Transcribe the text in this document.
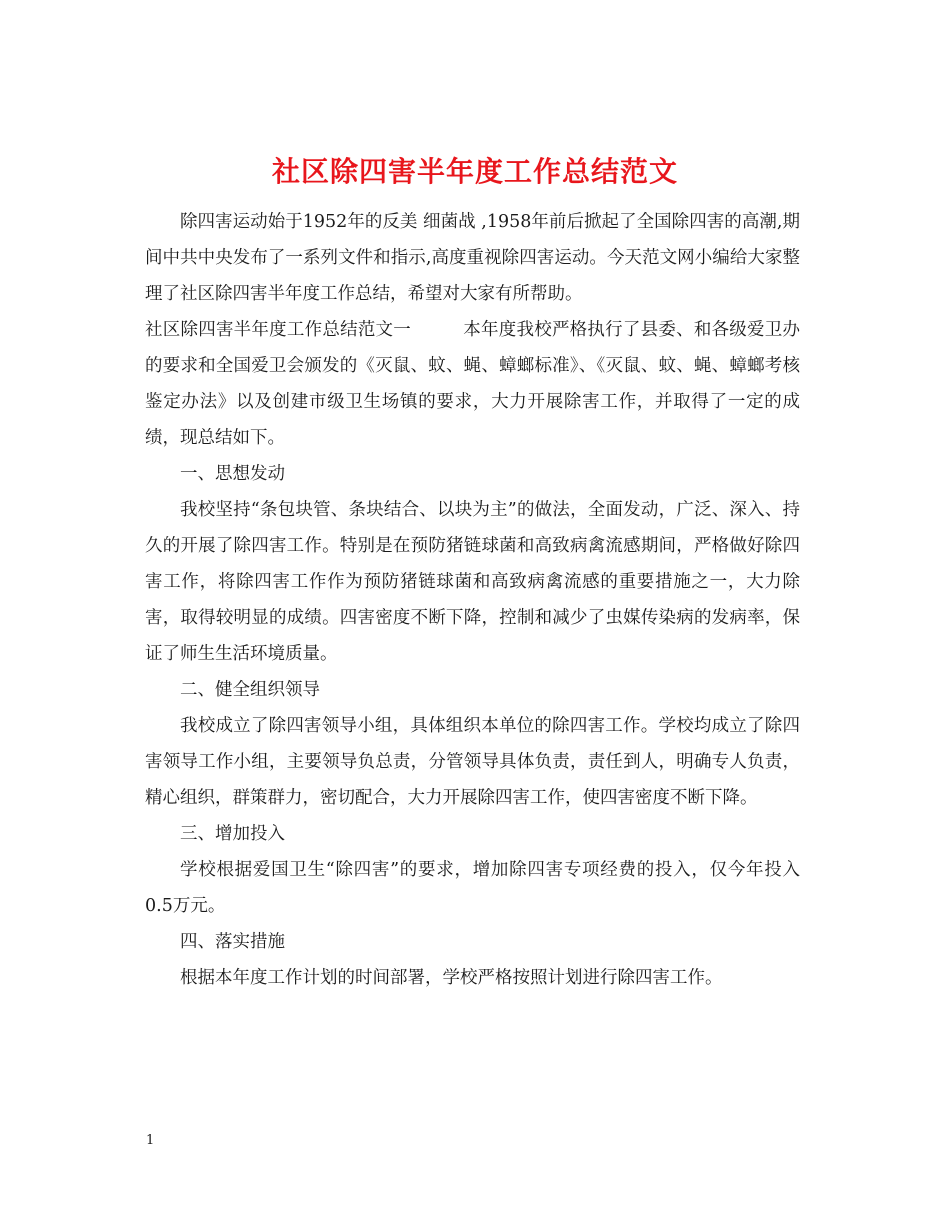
社区除四害半年度工作总结范文

除四害运动始于1952年的反美 细菌战 ,1958年前后掀起了全国除四害的高潮,期间中共中央发布了一系列文件和指示,高度重视除四害运动。今天范文网小编给大家整理了社区除四害半年度工作总结，希望对大家有所帮助。

社区除四害半年度工作总结范文一	本年度我校严格执行了县委、和各级爱卫办的要求和全国爱卫会颁发的《灭鼠、蚊、蝇、蟑螂标准》、《灭鼠、蚊、蝇、蟑螂考核鉴定办法》以及创建市级卫生场镇的要求，大力开展除害工作，并取得了一定的成绩，现总结如下。

一、思想发动

我校坚持“条包块管、条块结合、以块为主”的做法，全面发动，广泛、深入、持久的开展了除四害工作。特别是在预防猪链球菌和高致病禽流感期间，严格做好除四害工作，将除四害工作作为预防猪链球菌和高致病禽流感的重要措施之一，大力除害，取得较明显的成绩。四害密度不断下降，控制和减少了虫媒传染病的发病率，保证了师生生活环境质量。

二、健全组织领导

我校成立了除四害领导小组，具体组织本单位的除四害工作。学校均成立了除四害领导工作小组，主要领导负总责，分管领导具体负责，责任到人，明确专人负责，精心组织，群策群力，密切配合，大力开展除四害工作，使四害密度不断下降。

三、增加投入

学校根据爱国卫生“除四害”的要求，增加除四害专项经费的投入，仅今年投入0.5万元。

四、落实措施

根据本年度工作计划的时间部署，学校严格按照计划进行除四害工作。

1
